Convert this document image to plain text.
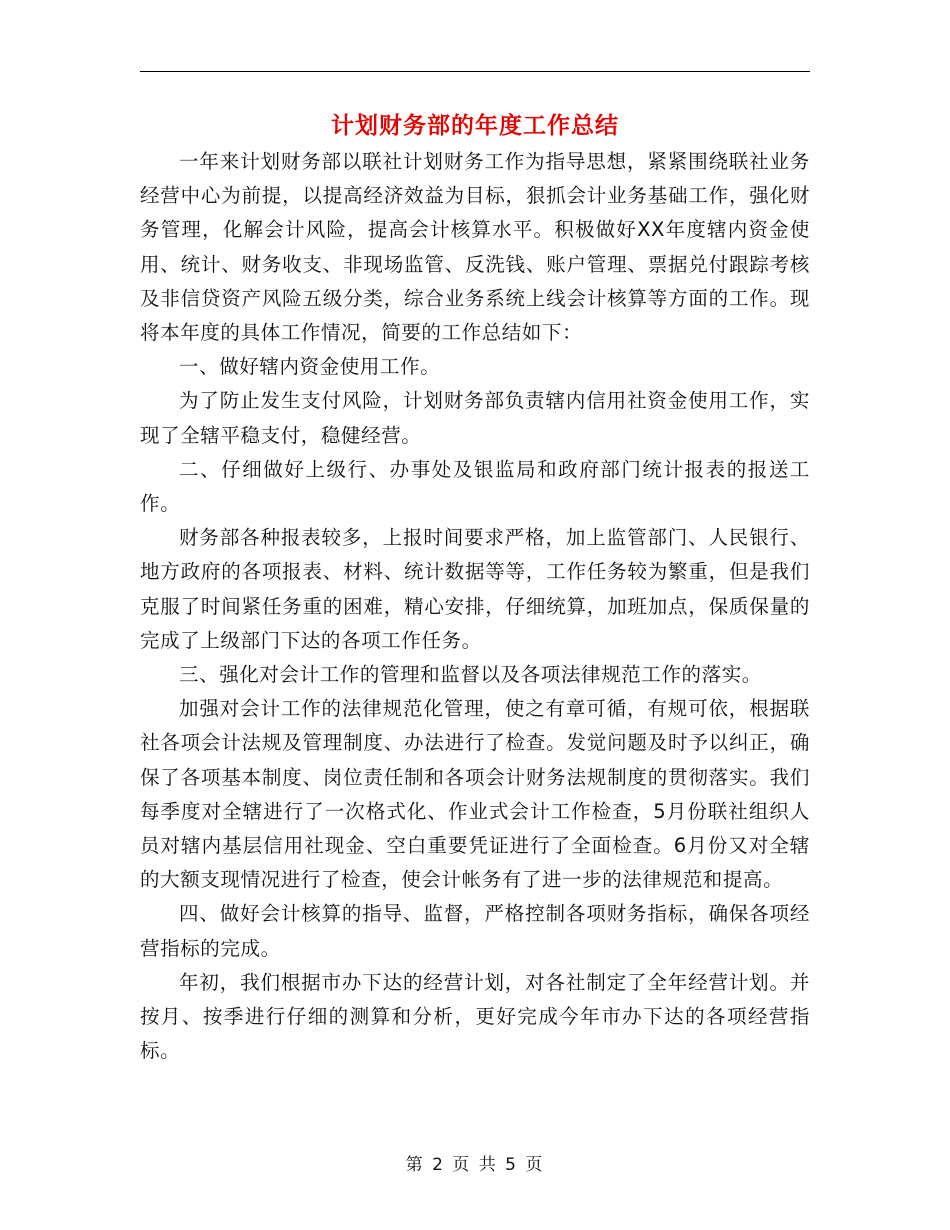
计划财务部的年度工作总结

一年来计划财务部以联社计划财务工作为指导思想，紧紧围绕联社业务经营中心为前提，以提高经济效益为目标，狠抓会计业务基础工作，强化财务管理，化解会计风险，提高会计核算水平。积极做好XX年度辖内资金使用、统计、财务收支、非现场监管、反洗钱、账户管理、票据兑付跟踪考核及非信贷资产风险五级分类，综合业务系统上线会计核算等方面的工作。现将本年度的具体工作情况，简要的工作总结如下：

一、做好辖内资金使用工作。

为了防止发生支付风险，计划财务部负责辖内信用社资金使用工作，实现了全辖平稳支付，稳健经营。

二、仔细做好上级行、办事处及银监局和政府部门统计报表的报送工作。

财务部各种报表较多，上报时间要求严格，加上监管部门、人民银行、地方政府的各项报表、材料、统计数据等等，工作任务较为繁重，但是我们克服了时间紧任务重的困难，精心安排，仔细统算，加班加点，保质保量的完成了上级部门下达的各项工作任务。

三、强化对会计工作的管理和监督以及各项法律规范工作的落实。

加强对会计工作的法律规范化管理，使之有章可循，有规可依，根据联社各项会计法规及管理制度、办法进行了检查。发觉问题及时予以纠正，确保了各项基本制度、岗位责任制和各项会计财务法规制度的贯彻落实。我们每季度对全辖进行了一次格式化、作业式会计工作检查，5月份联社组织人员对辖内基层信用社现金、空白重要凭证进行了全面检查。6月份又对全辖的大额支现情况进行了检查，使会计帐务有了进一步的法律规范和提高。

四、做好会计核算的指导、监督，严格控制各项财务指标，确保各项经营指标的完成。

年初，我们根据市办下达的经营计划，对各社制定了全年经营计划。并按月、按季进行仔细的测算和分析，更好完成今年市办下达的各项经营指标。

第 2 页 共 5 页
